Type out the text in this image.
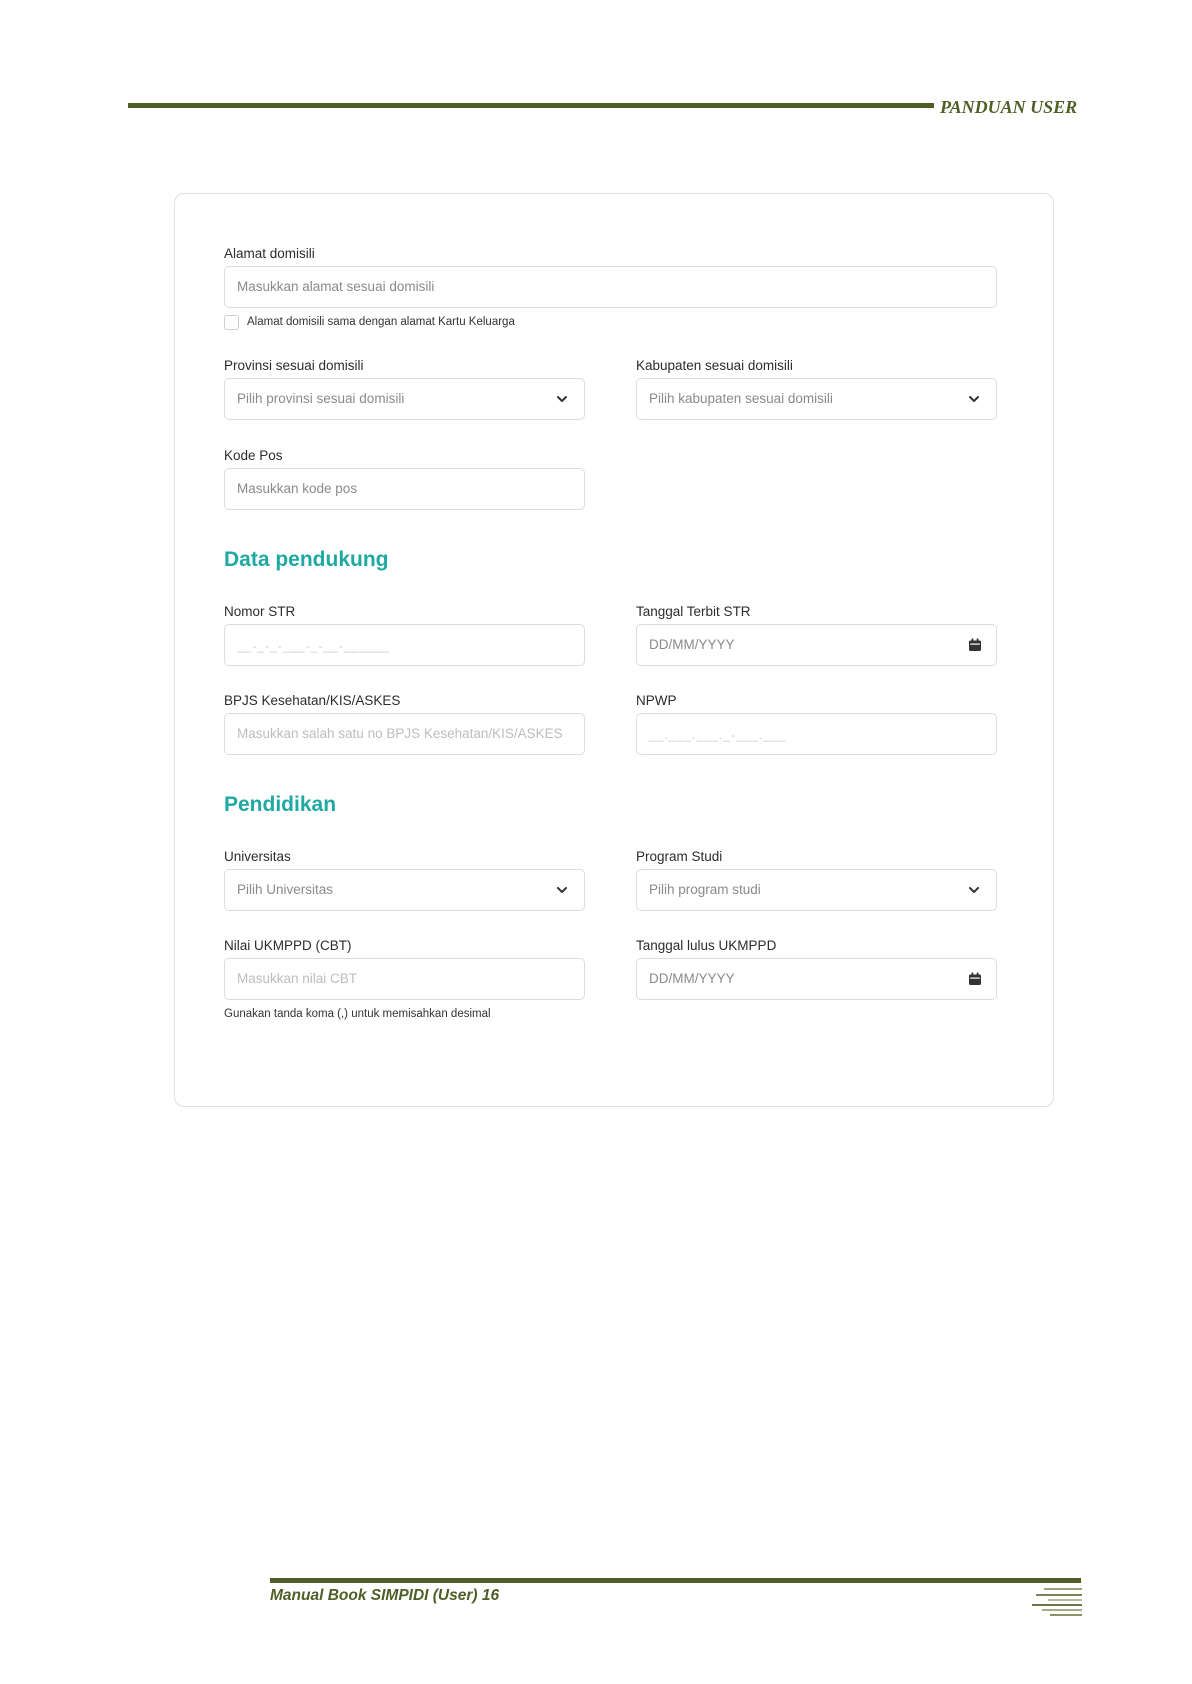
PANDUAN USER
Alamat domisili
Masukkan alamat sesuai domisili
Alamat domisili sama dengan alamat Kartu Keluarga
Provinsi sesuai domisili
Pilih provinsi sesuai domisili
Kabupaten sesuai domisili
Pilih kabupaten sesuai domisili
Kode Pos
Masukkan kode pos
Data pendukung
Nomor STR
__-_-_-___-_-__-______
Tanggal Terbit STR
DD/MM/YYYY
BPJS Kesehatan/KIS/ASKES
Masukkan salah satu no BPJS Kesehatan/KIS/ASKES
NPWP
__.___.___._-___.___
Pendidikan
Universitas
Pilih Universitas
Program Studi
Pilih program studi
Nilai UKMPPD (CBT)
Masukkan nilai CBT
Gunakan tanda koma (,) untuk memisahkan desimal
Tanggal lulus UKMPPD
DD/MM/YYYY
Manual Book SIMPIDI (User) 16
